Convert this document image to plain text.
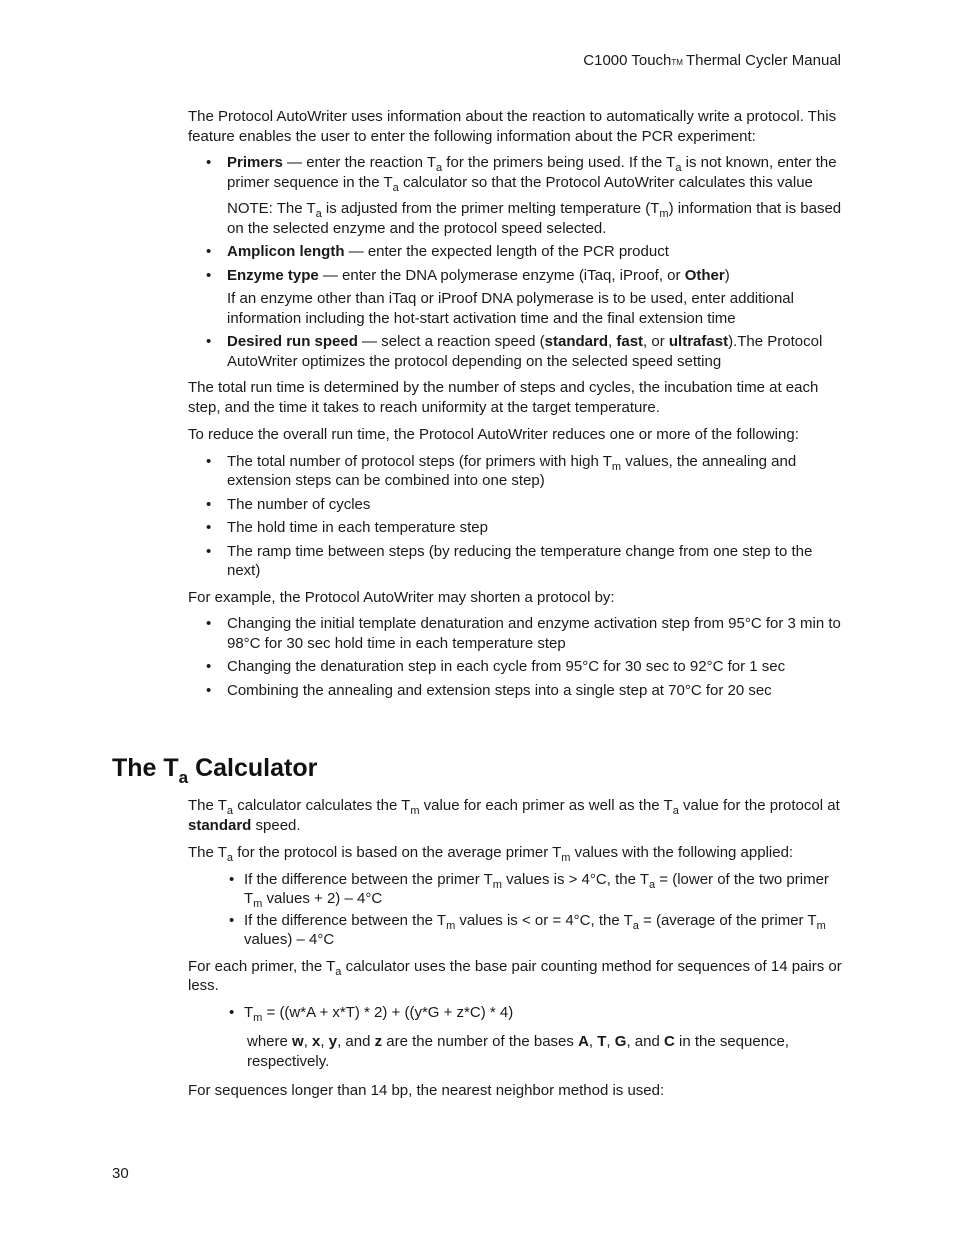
C1000 Touch™ Thermal Cycler Manual

The Protocol AutoWriter uses information about the reaction to automatically write a protocol. This feature enables the user to enter the following information about the PCR experiment:

• Primers — enter the reaction $T_a$ for the primers being used. If the $T_a$ is not known, enter the primer sequence in the $T_a$ calculator so that the Protocol AutoWriter calculates this value

NOTE: The $T_a$ is adjusted from the primer melting temperature $(T_m)$ information that is based on the selected enzyme and the protocol speed selected.

• Amplicon length — enter the expected length of the PCR product
• Enzyme type — enter the DNA polymerase enzyme (iTaq, iProof, or Other)

If an enzyme other than iTaq or iProof DNA polymerase is to be used, enter additional information including the hot-start activation time and the final extension time

• Desired run speed — select a reaction speed (standard, fast, or ultrafast).The Protocol AutoWriter optimizes the protocol depending on the selected speed setting

The total run time is determined by the number of steps and cycles, the incubation time at each step, and the time it takes to reach uniformity at the target temperature.

To reduce the overall run time, the Protocol AutoWriter reduces one or more of the following:

• The total number of protocol steps (for primers with high $T_m$ values, the annealing and extension steps can be combined into one step)
• The number of cycles
• The hold time in each temperature step
• The ramp time between steps (by reducing the temperature change from one step to the next)

For example, the Protocol AutoWriter may shorten a protocol by:

• Changing the initial template denaturation and enzyme activation step from 95°C for 3 min to 98°C for 30 sec hold time in each temperature step
• Changing the denaturation step in each cycle from 95°C for 30 sec to 92°C for 1 sec
• Combining the annealing and extension steps into a single step at 70°C for 20 sec
The $T_a$ Calculator

The $T_a$ calculator calculates the $T_m$ value for each primer as well as the $T_a$ value for the protocol at standard speed.

The $T_a$ for the protocol is based on the average primer $T_m$ values with the following applied:

• If the difference between the primer $T_m$ values is > 4°C, the $T_a$ = (lower of the two primer $T_m$ values + 2) – 4°C
• If the difference between the $T_m$ values is < or = 4°C, the $T_a$ = (average of the primer $T_m$ values) – 4°C

For each primer, the $T_a$ calculator uses the base pair counting method for sequences of 14 pairs or less.

• $T_m = ((w*A + x*T) * 2) + ((y*G + z*C) * 4)$

where w, x, y, and z are the number of the bases A, T, G, and C in the sequence, respectively.

For sequences longer than 14 bp, the nearest neighbor method is used:

30
